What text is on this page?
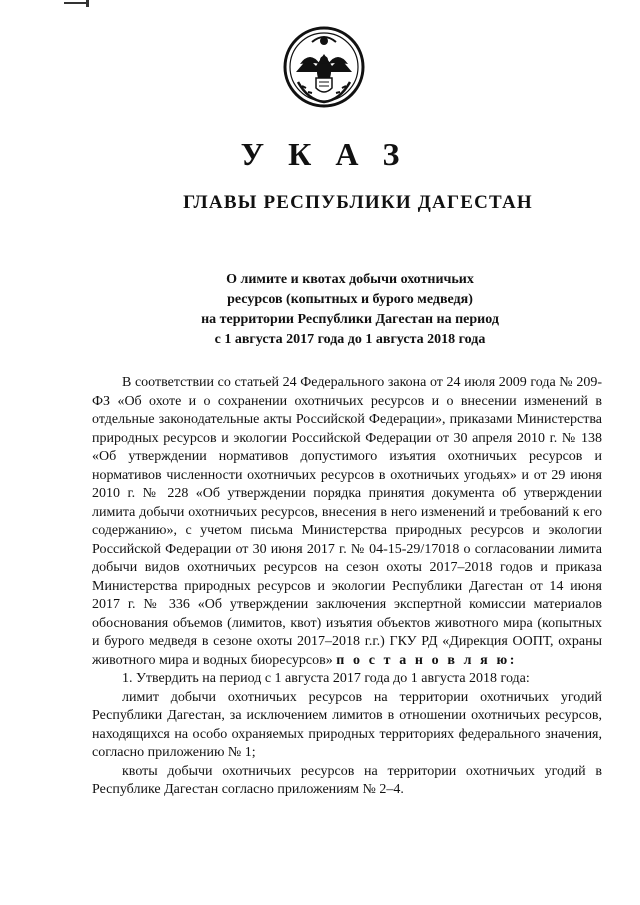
У К А З
ГЛАВЫ РЕСПУБЛИКИ ДАГЕСТАН
О лимите и квотах добычи охотничьих
ресурсов (копытных и бурого медведя)
на территории Республики Дагестан на период
с 1 августа 2017 года до 1 августа 2018 года

В соответствии со статьей 24 Федерального закона от 24 июля 2009 года № 209-ФЗ «Об охоте и о сохранении охотничьих ресурсов и о внесении изменений в отдельные законодательные акты Российской Федерации», приказами Министерства природных ресурсов и экологии Российской Федерации от 30 апреля 2010 г. № 138 «Об утверждении нормативов допустимого изъятия охотничьих ресурсов и нормативов численности охотничьих ресурсов в охотничьих угодьях» и от 29 июня 2010 г. № 228 «Об утверждении порядка принятия документа об утверждении лимита добычи охотничьих ресурсов, внесения в него изменений и требований к его содержанию», с учетом письма Министерства природных ресурсов и экологии Российской Федерации от 30 июня 2017 г. № 04-15-29/17018 о согласовании лимита добычи видов охотничьих ресурсов на сезон охоты 2017–2018 годов и приказа Министерства природных ресурсов и экологии Республики Дагестан от 14 июня 2017 г. № 336 «Об утверждении заключения экспертной комиссии материалов обоснования объемов (лимитов, квот) изъятия объектов животного мира (копытных и бурого медведя в сезоне охоты 2017–2018 г.г.) ГКУ РД «Дирекция ООПТ, охраны животного мира и водных биоресурсов» п о с т а н о в л я ю:

1. Утвердить на период с 1 августа 2017 года до 1 августа 2018 года:

лимит добычи охотничьих ресурсов на территории охотничьих угодий Республики Дагестан, за исключением лимитов в отношении охотничьих ресурсов, находящихся на особо охраняемых природных территориях федерального значения, согласно приложению № 1;

квоты добычи охотничьих ресурсов на территории охотничьих угодий в Республике Дагестан согласно приложениям № 2–4.
